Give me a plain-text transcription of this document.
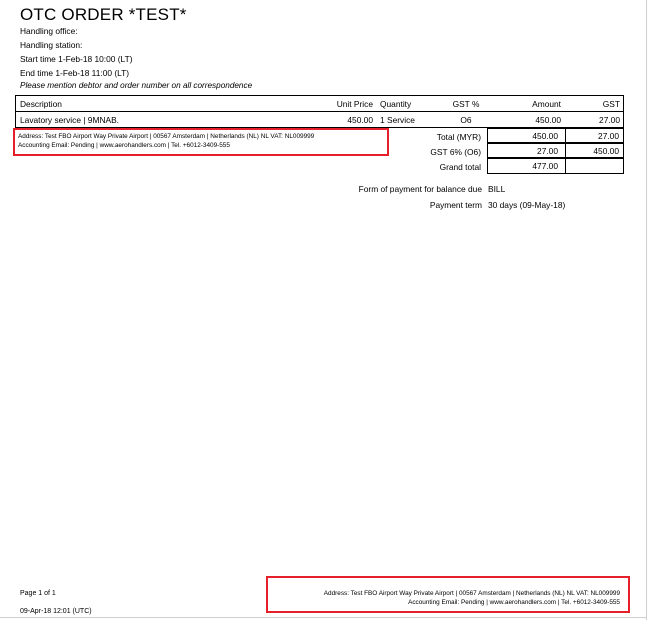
OTC ORDER *TEST*
Handling office:
Handling station:
Start time 1-Feb-18 10:00 (LT)
End time 1-Feb-18 11:00 (LT)
Please mention debtor and order number on all correspondence
Description	Unit Price Quantity	GST %	Amount	GST
Lavatory service | 9MNAB.	450.00 1 Service	O6	450.00	27.00
Address: Test FBO Airport Way Private Airport | 00567 Amsterdam | Netherlands (NL) NL VAT: NL009999
Accounting Email: Pending | www.aerohandlers.com | Tel. +6012-3409-555
Total (MYR)	450.00	27.00
GST 6% (O6)	27.00	450.00
Grand total	477.00
Form of payment for balance due BILL
Payment term 30 days (09-May-18)
Page 1 of 1
09-Apr-18 12:01 (UTC)
Address: Test FBO Airport Way Private Airport | 00567 Amsterdam | Netherlands (NL) NL VAT: NL009999
Accounting Email: Pending | www.aerohandlers.com | Tel. +6012-3409-555
